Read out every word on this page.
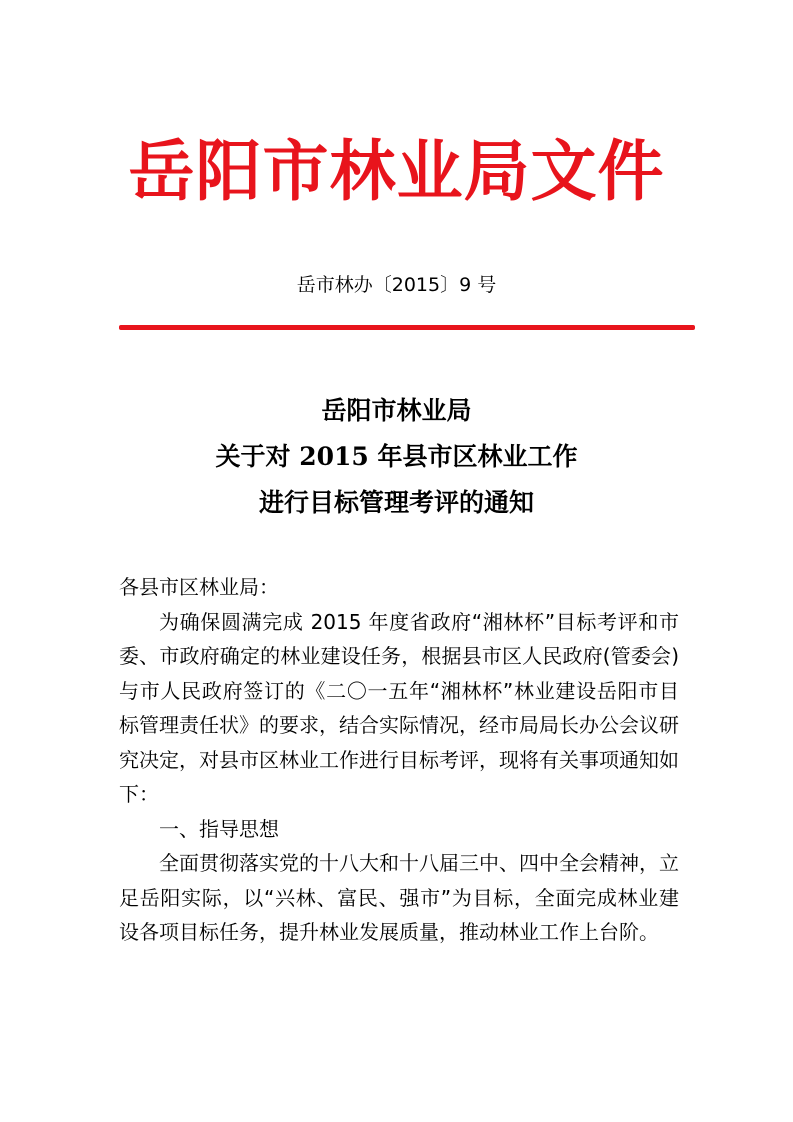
岳阳市林业局文件
岳市林办〔2015〕9 号
岳阳市林业局
关于对 2015 年县市区林业工作
进行目标管理考评的通知

各县市区林业局：

为确保圆满完成 2015 年度省政府“湘林杯”目标考评和市委、市政府确定的林业建设任务，根据县市区人民政府(管委会)与市人民政府签订的《二〇一五年“湘林杯”林业建设岳阳市目标管理责任状》的要求，结合实际情况，经市局局长办公会议研究决定，对县市区林业工作进行目标考评，现将有关事项通知如下：

一、指导思想

全面贯彻落实党的十八大和十八届三中、四中全会精神，立足岳阳实际，以“兴林、富民、强市”为目标，全面完成林业建设各项目标任务，提升林业发展质量，推动林业工作上台阶。
